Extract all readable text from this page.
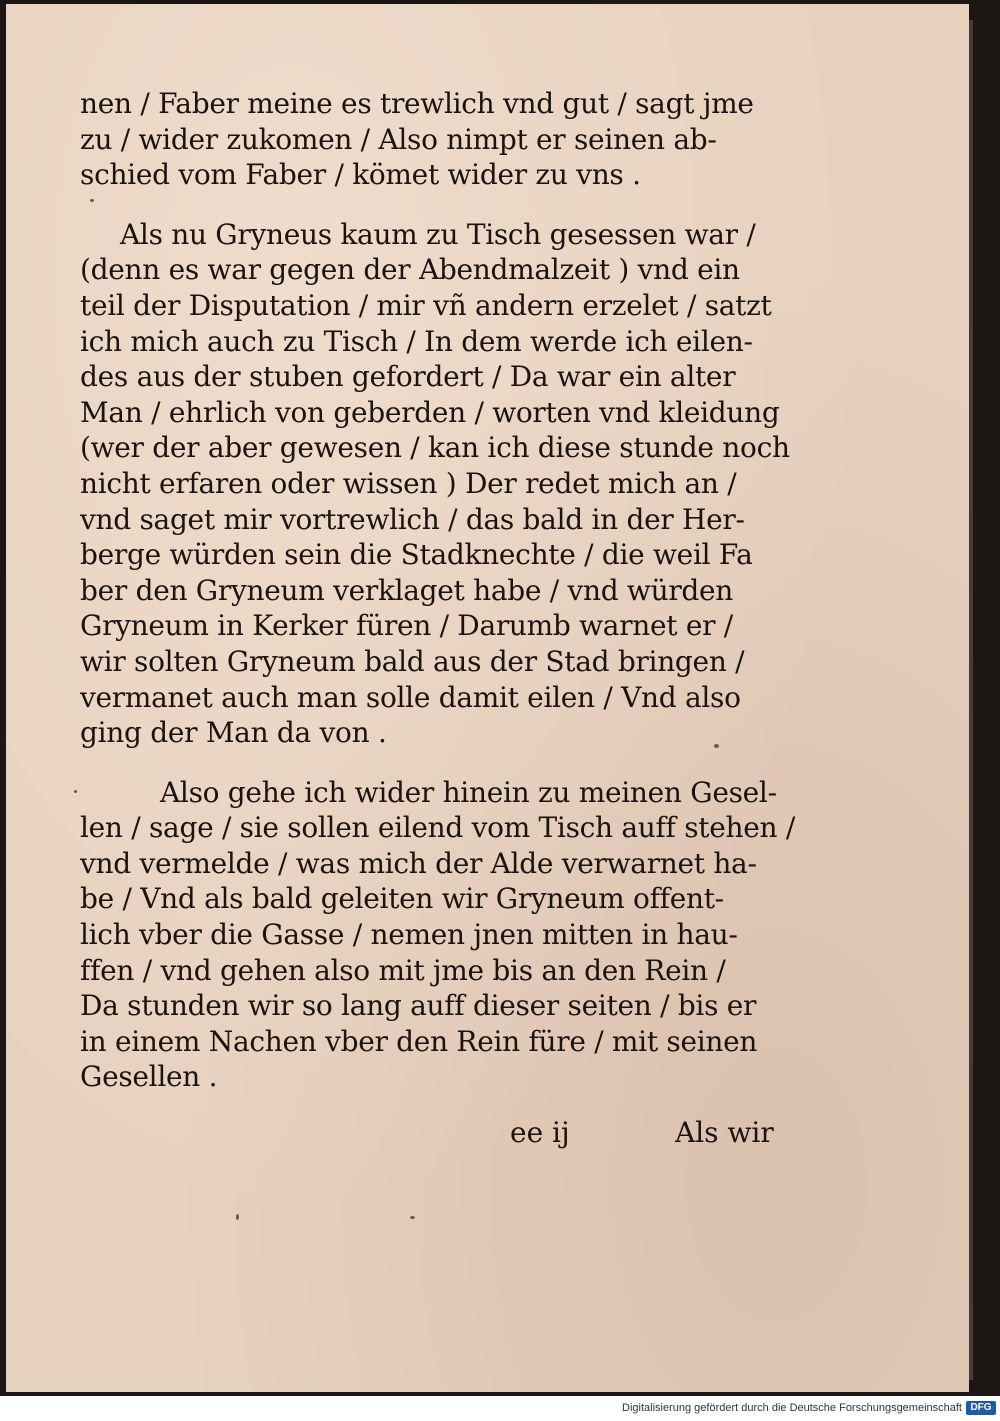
nen / Faber meine es trewlich vnd gut / sagt jme
zu / wider zukomen / Also nimpt er seinen ab-
schied vom Faber / kömet wider zu vns .
Als nu Gryneus kaum zu Tisch gesessen war /
(denn es war gegen der Abendmalzeit ) vnd ein
teil der Disputation / mir vñ andern erzelet / satzt
ich mich auch zu Tisch / In dem werde ich eilen-
des aus der stuben gefordert / Da war ein alter
Man / ehrlich von geberden / worten vnd kleidung
(wer der aber gewesen / kan ich diese stunde noch
nicht erfaren oder wissen ) Der redet mich an /
vnd saget mir vortrewlich / das bald in der Her-
berge würden sein die Stadknechte / die weil Fa
ber den Gryneum verklaget habe / vnd würden
Gryneum in Kerker füren / Darumb warnet er /
wir solten Gryneum bald aus der Stad bringen /
vermanet auch man solle damit eilen / Vnd also
ging der Man da von .
Also gehe ich wider hinein zu meinen Gesel-
len / sage / sie sollen eilend vom Tisch auff stehen /
vnd vermelde / was mich der Alde verwarnet ha-
be / Vnd als bald geleiten wir Gryneum offent-
lich vber die Gasse / nemen jnen mitten in hau-
ffen / vnd gehen also mit jme bis an den Rein /
Da stunden wir so lang auff dieser seiten / bis er
in einem Nachen vber den Rein füre / mit seinen
Gesellen .
ee ij	Als wir
Digitalisierung gefördert durch die Deutsche Forschungsgemeinschaft DFG
